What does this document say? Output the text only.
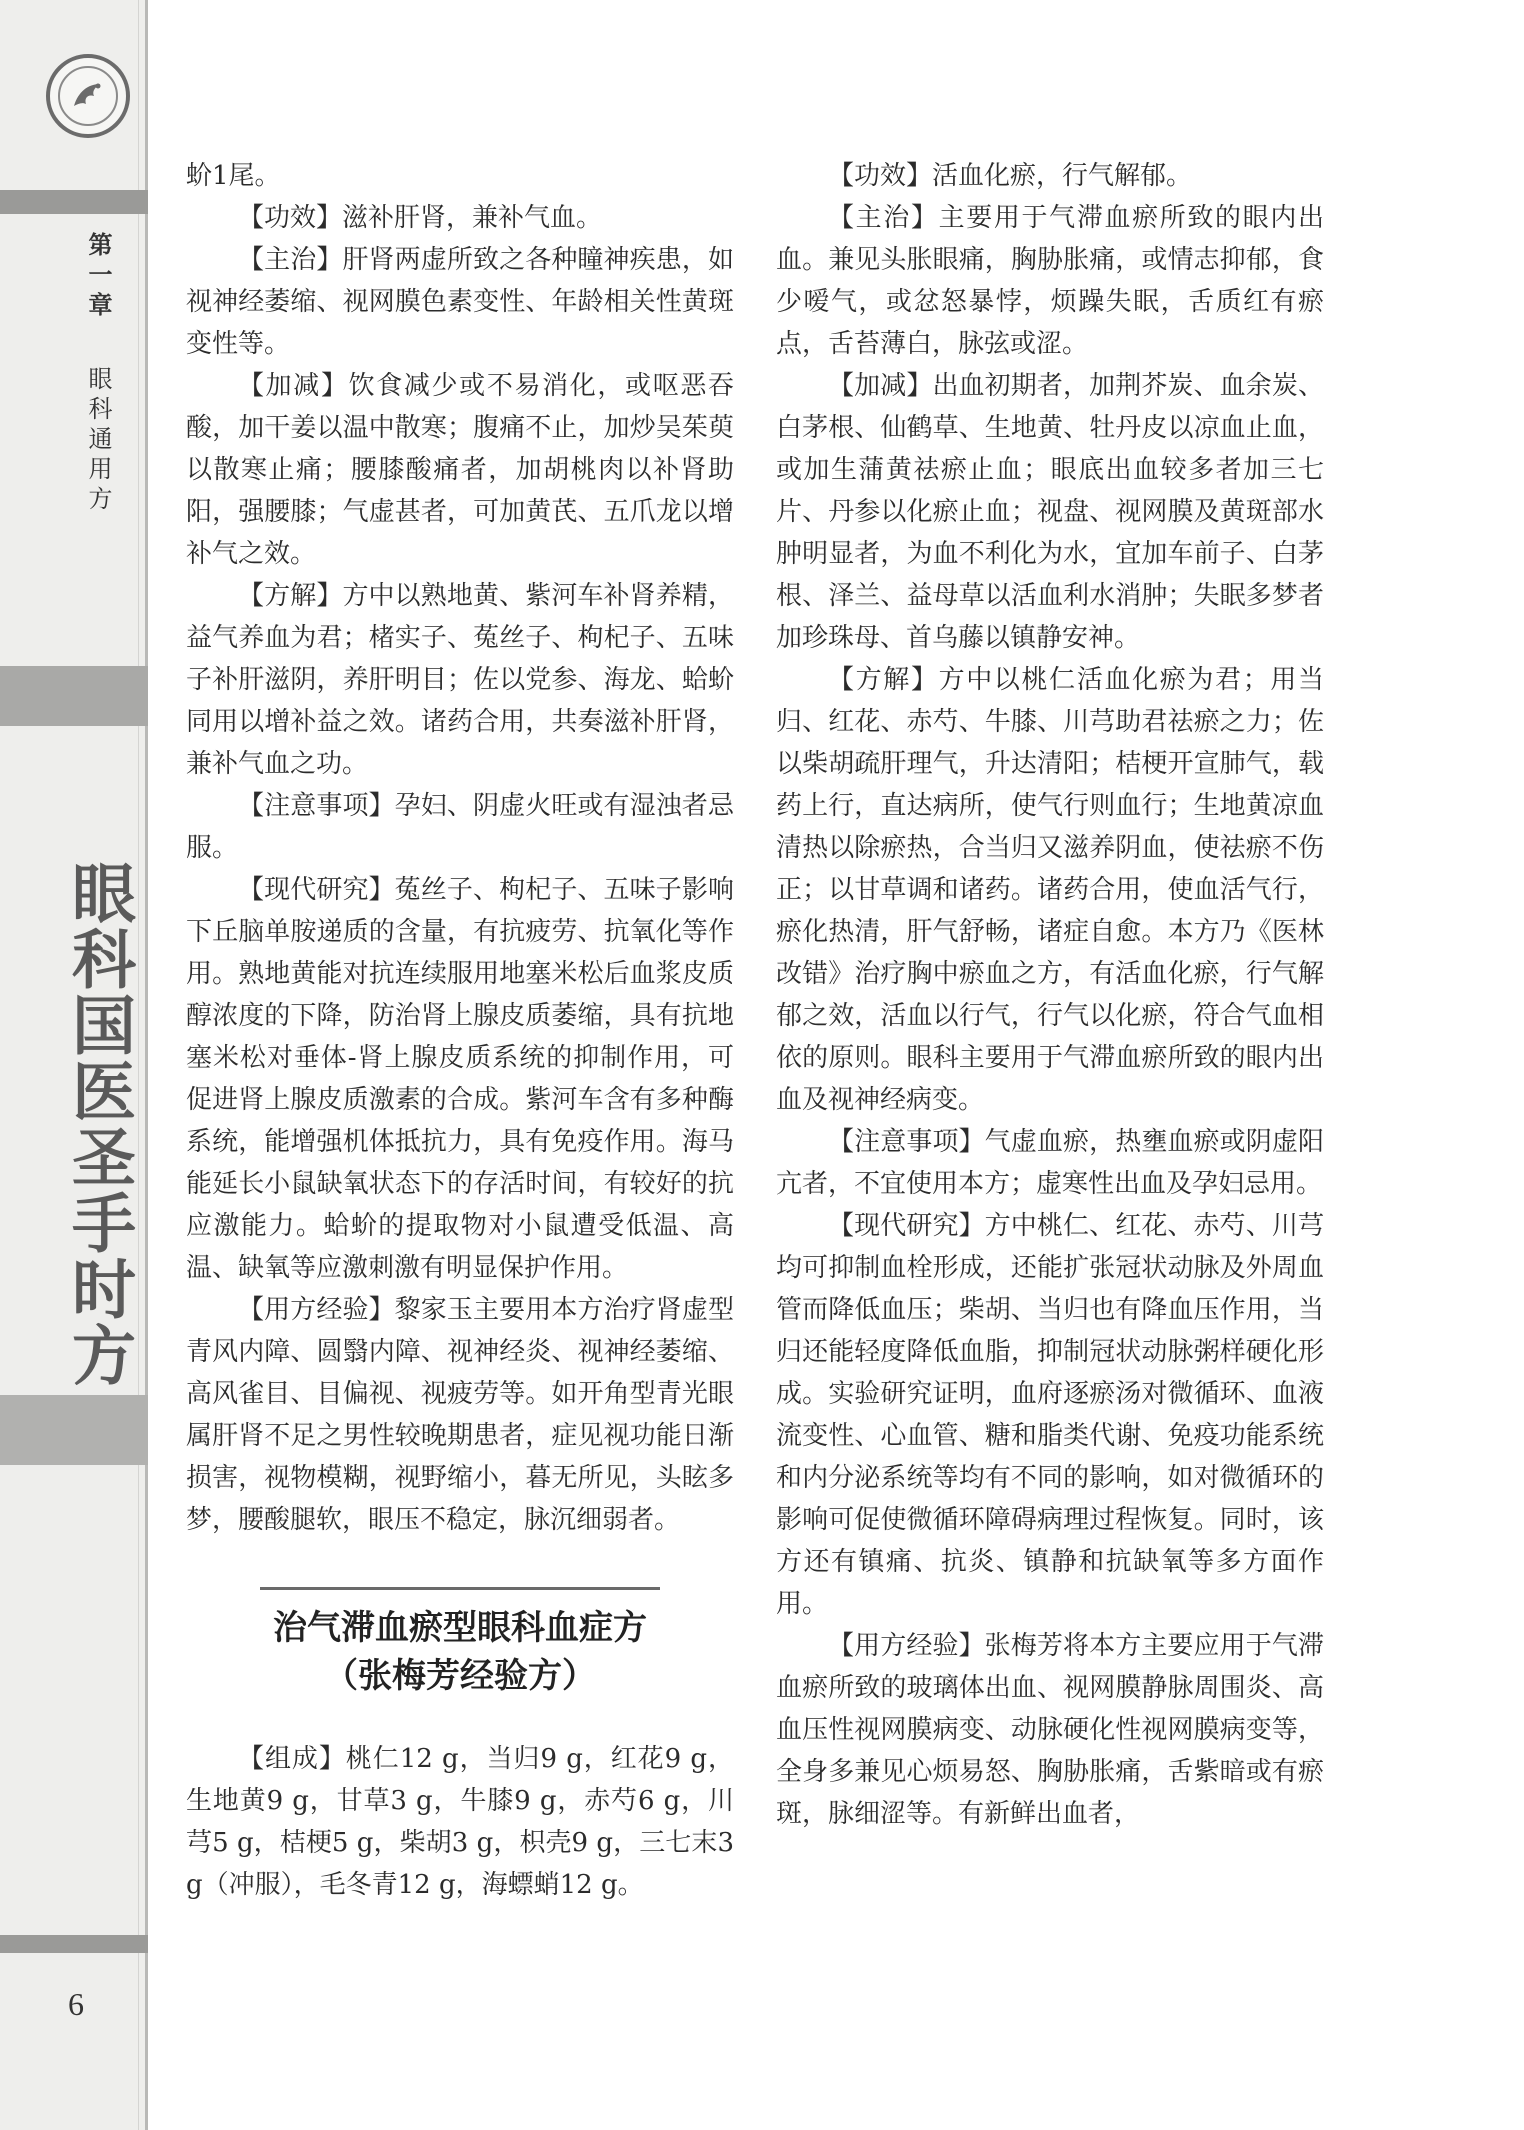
第一章 眼科通用方
眼科国医圣手时方
6

蚧1尾。

【功效】滋补肝肾，兼补气血。

【主治】肝肾两虚所致之各种瞳神疾患，如视神经萎缩、视网膜色素变性、年龄相关性黄斑变性等。

【加减】饮食减少或不易消化，或呕恶吞酸，加干姜以温中散寒；腹痛不止，加炒吴茱萸以散寒止痛；腰膝酸痛者，加胡桃肉以补肾助阳，强腰膝；气虚甚者，可加黄芪、五爪龙以增补气之效。

【方解】方中以熟地黄、紫河车补肾养精，益气养血为君；楮实子、菟丝子、枸杞子、五味子补肝滋阴，养肝明目；佐以党参、海龙、蛤蚧同用以增补益之效。诸药合用，共奏滋补肝肾，兼补气血之功。

【注意事项】孕妇、阴虚火旺或有湿浊者忌服。

【现代研究】菟丝子、枸杞子、五味子影响下丘脑单胺递质的含量，有抗疲劳、抗氧化等作用。熟地黄能对抗连续服用地塞米松后血浆皮质醇浓度的下降，防治肾上腺皮质萎缩，具有抗地塞米松对垂体-肾上腺皮质系统的抑制作用，可促进肾上腺皮质激素的合成。紫河车含有多种酶系统，能增强机体抵抗力，具有免疫作用。海马能延长小鼠缺氧状态下的存活时间，有较好的抗应激能力。蛤蚧的提取物对小鼠遭受低温、高温、缺氧等应激刺激有明显保护作用。

【用方经验】黎家玉主要用本方治疗肾虚型青风内障、圆翳内障、视神经炎、视神经萎缩、高风雀目、目偏视、视疲劳等。如开角型青光眼属肝肾不足之男性较晚期患者，症见视功能日渐损害，视物模糊，视野缩小，暮无所见，头眩多梦，腰酸腿软，眼压不稳定，脉沉细弱者。

治气滞血瘀型眼科血症方
（张梅芳经验方）

【组成】桃仁12 g，当归9 g，红花9 g，生地黄9 g，甘草3 g，牛膝9 g，赤芍6 g，川芎5 g，桔梗5 g，柴胡3 g，枳壳9 g，三七末3 g（冲服），毛冬青12 g，海螵蛸12 g。

【功效】活血化瘀，行气解郁。

【主治】主要用于气滞血瘀所致的眼内出血。兼见头胀眼痛，胸胁胀痛，或情志抑郁，食少嗳气，或忿怒暴悖，烦躁失眠，舌质红有瘀点，舌苔薄白，脉弦或涩。

【加减】出血初期者，加荆芥炭、血余炭、白茅根、仙鹤草、生地黄、牡丹皮以凉血止血，或加生蒲黄祛瘀止血；眼底出血较多者加三七片、丹参以化瘀止血；视盘、视网膜及黄斑部水肿明显者，为血不利化为水，宜加车前子、白茅根、泽兰、益母草以活血利水消肿；失眠多梦者加珍珠母、首乌藤以镇静安神。

【方解】方中以桃仁活血化瘀为君；用当归、红花、赤芍、牛膝、川芎助君祛瘀之力；佐以柴胡疏肝理气，升达清阳；桔梗开宣肺气，载药上行，直达病所，使气行则血行；生地黄凉血清热以除瘀热，合当归又滋养阴血，使祛瘀不伤正；以甘草调和诸药。诸药合用，使血活气行，瘀化热清，肝气舒畅，诸症自愈。本方乃《医林改错》治疗胸中瘀血之方，有活血化瘀，行气解郁之效，活血以行气，行气以化瘀，符合气血相依的原则。眼科主要用于气滞血瘀所致的眼内出血及视神经病变。

【注意事项】气虚血瘀，热壅血瘀或阴虚阳亢者，不宜使用本方；虚寒性出血及孕妇忌用。

【现代研究】方中桃仁、红花、赤芍、川芎均可抑制血栓形成，还能扩张冠状动脉及外周血管而降低血压；柴胡、当归也有降血压作用，当归还能轻度降低血脂，抑制冠状动脉粥样硬化形成。实验研究证明，血府逐瘀汤对微循环、血液流变性、心血管、糖和脂类代谢、免疫功能系统和内分泌系统等均有不同的影响，如对微循环的影响可促使微循环障碍病理过程恢复。同时，该方还有镇痛、抗炎、镇静和抗缺氧等多方面作用。

【用方经验】张梅芳将本方主要应用于气滞血瘀所致的玻璃体出血、视网膜静脉周围炎、高血压性视网膜病变、动脉硬化性视网膜病变等，全身多兼见心烦易怒、胸胁胀痛，舌紫暗或有瘀斑，脉细涩等。有新鲜出血者，
